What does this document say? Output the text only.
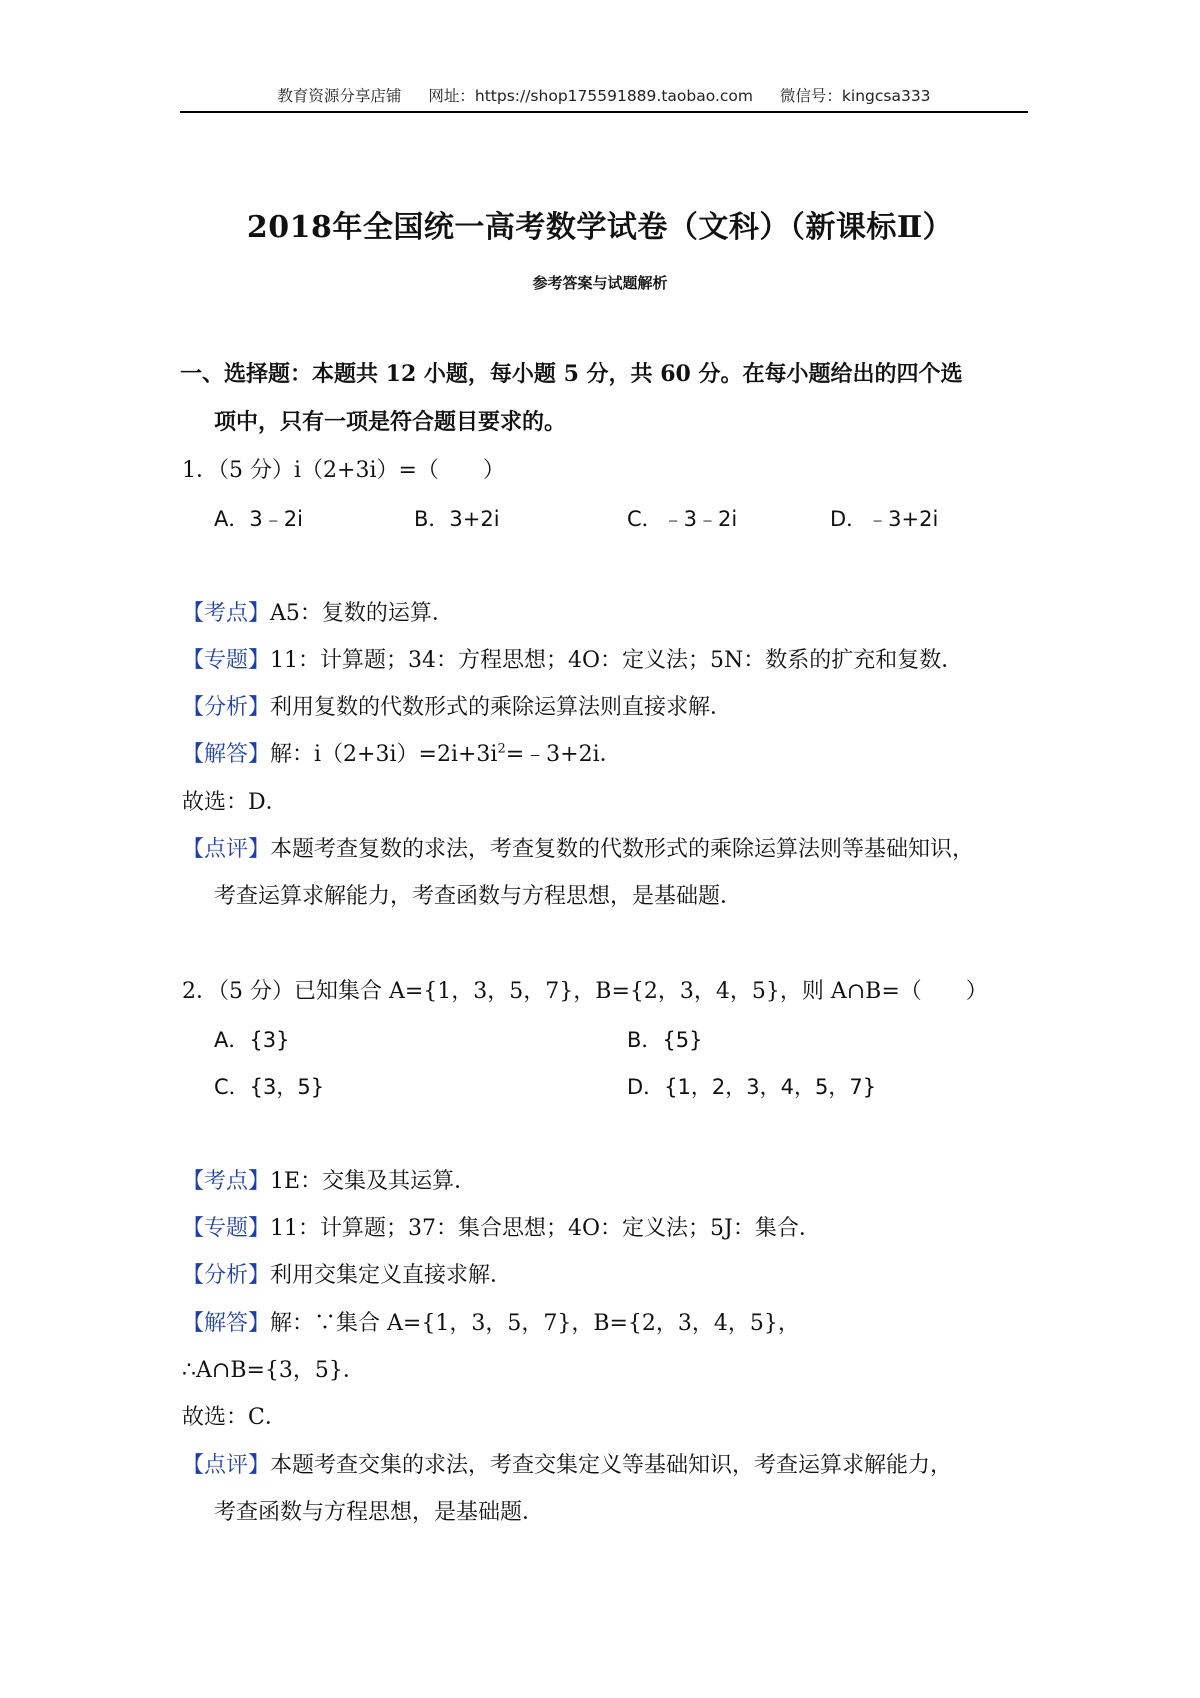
教育资源分享店铺 网址：https://shop175591889.taobao.com 微信号：kingcsa333
2018年全国统一高考数学试卷（文科）（新课标Ⅱ）
参考答案与试题解析
一、选择题：本题共 12 小题，每小题 5 分，共 60 分。在每小题给出的四个选
项中，只有一项是符合题目要求的。
1．（5 分）i（2+3i）=（　　）
A．3﹣2i	B．3+2i	C．﹣3﹣2i	D．﹣3+2i
【考点】A5：复数的运算．
【专题】11：计算题；34：方程思想；4O：定义法；5N：数系的扩充和复数．
【分析】利用复数的代数形式的乘除运算法则直接求解．
【解答】解：$i(2+3i)=2i+3i^2=﹣3+2i$．
故选：D．
【点评】本题考查复数的求法，考查复数的代数形式的乘除运算法则等基础知识，
考查运算求解能力，考查函数与方程思想，是基础题．
2．（5 分）已知集合 A={1，3，5，7}，B={2，3，4，5}，则 A∩B=（　　）
A．{3}	B．{5}
C．{3，5}	D．{1，2，3，4，5，7}
【考点】1E：交集及其运算．
【专题】11：计算题；37：集合思想；4O：定义法；5J：集合．
【分析】利用交集定义直接求解．
【解答】解：∵集合 A={1，3，5，7}，B={2，3，4，5}，
∴A∩B={3，5}．
故选：C．
【点评】本题考查交集的求法，考查交集定义等基础知识，考查运算求解能力，
考查函数与方程思想，是基础题．
